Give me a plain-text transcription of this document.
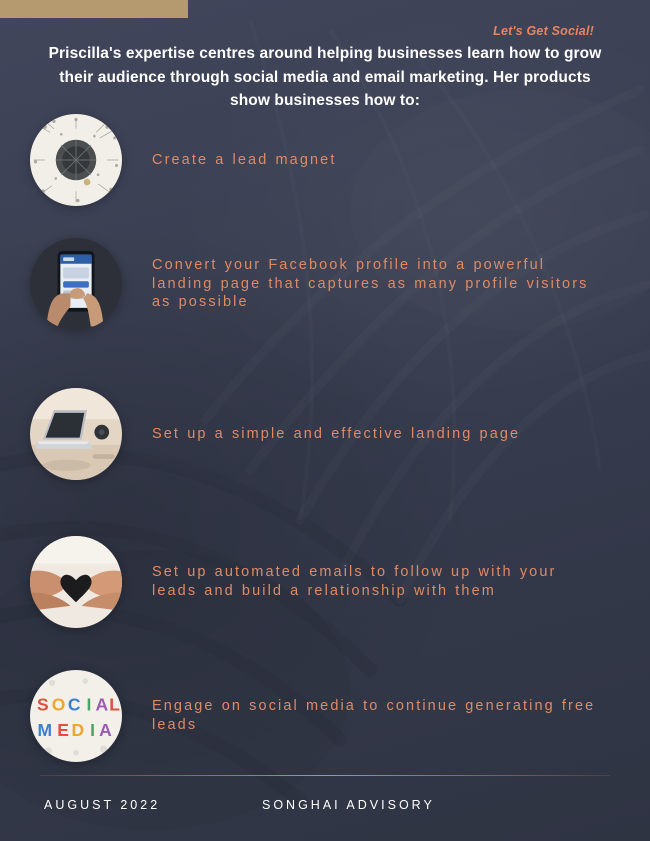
Let's Get Social!
Priscilla's expertise centres around helping businesses learn how to grow their audience through social media and email marketing. Her products show businesses how to:
Create a lead magnet
Convert your Facebook profile into a powerful landing page that captures as many profile visitors as possible
Set up a simple and effective landing page
Set up automated emails to follow up with your leads and build a relationship with them
S O C I A L
M E D I A
Engage on social media to continue generating free leads
AUGUST 2022	SONGHAI ADVISORY
